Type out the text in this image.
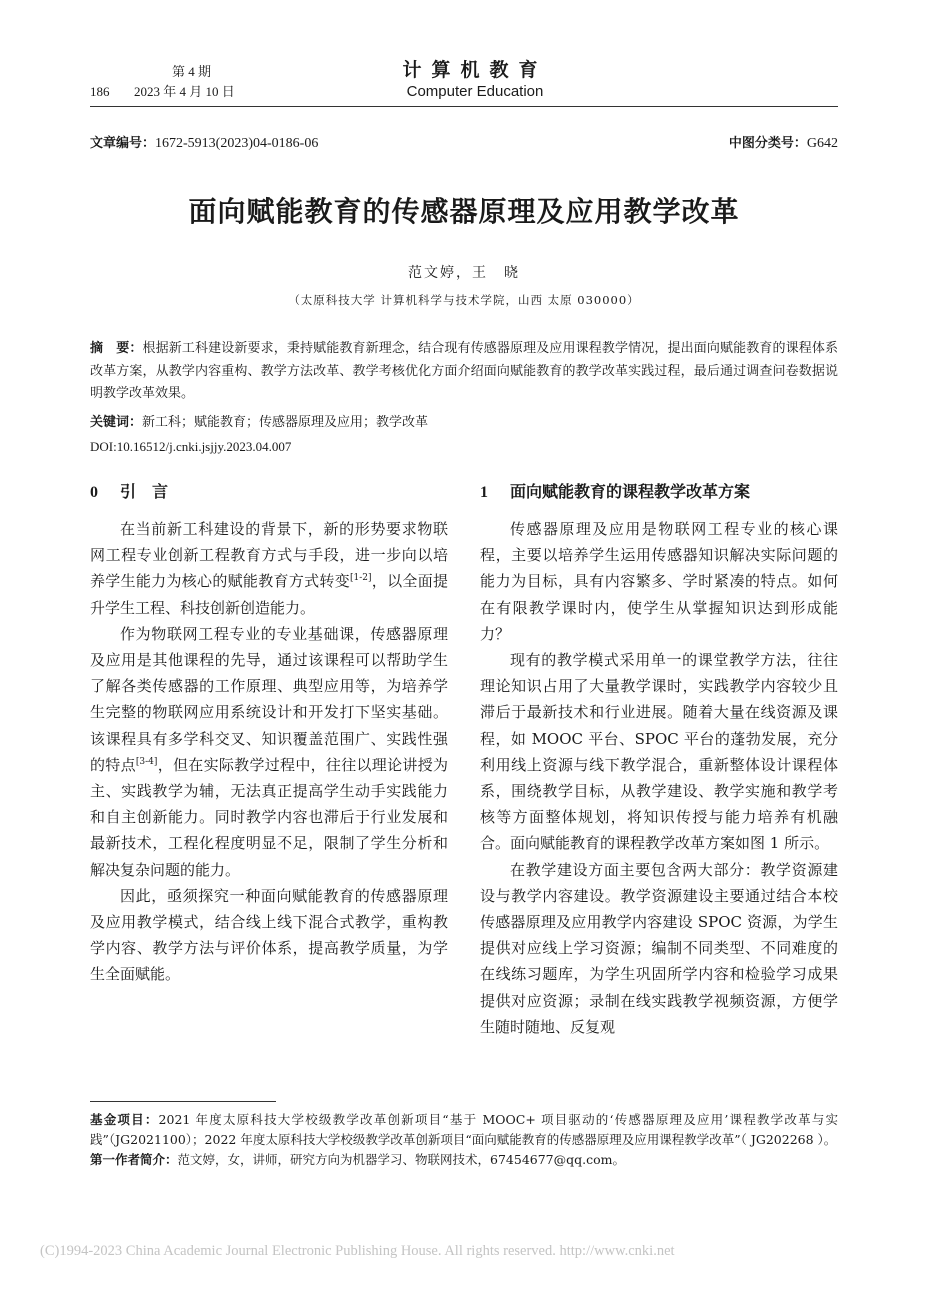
第 4 期
186 2023 年 4 月 10 日
计算机教育
Computer Education
文章编号：1672-5913(2023)04-0186-06	中图分类号：G642
面向赋能教育的传感器原理及应用教学改革
范文婷，王　晓
（太原科技大学 计算机科学与技术学院，山西 太原 030000）
摘　要：根据新工科建设新要求，秉持赋能教育新理念，结合现有传感器原理及应用课程教学情况，提出面向赋能教育的课程体系改革方案，从教学内容重构、教学方法改革、教学考核优化方面介绍面向赋能教育的教学改革实践过程，最后通过调查问卷数据说明教学改革效果。
关键词：新工科；赋能教育；传感器原理及应用；教学改革
DOI:10.16512/j.cnki.jsjjy.2023.04.007
0 引　言	1 面向赋能教育的课程教学改革方案

在当前新工科建设的背景下，新的形势要求物联网工程专业创新工程教育方式与手段，进一步向以培养学生能力为核心的赋能教育方式转变[1-2]，以全面提升学生工程、科技创新创造能力。

作为物联网工程专业的专业基础课，传感器原理及应用是其他课程的先导，通过该课程可以帮助学生了解各类传感器的工作原理、典型应用等，为培养学生完整的物联网应用系统设计和开发打下坚实基础。该课程具有多学科交叉、知识覆盖范围广、实践性强的特点[3-4]，但在实际教学过程中，往往以理论讲授为主、实践教学为辅，无法真正提高学生动手实践能力和自主创新能力。同时教学内容也滞后于行业发展和最新技术，工程化程度明显不足，限制了学生分析和解决复杂问题的能力。

因此，亟须探究一种面向赋能教育的传感器原理及应用教学模式，结合线上线下混合式教学，重构教学内容、教学方法与评价体系，提高教学质量，为学生全面赋能。

传感器原理及应用是物联网工程专业的核心课程，主要以培养学生运用传感器知识解决实际问题的能力为目标，具有内容繁多、学时紧凑的特点。如何在有限教学课时内，使学生从掌握知识达到形成能力？

现有的教学模式采用单一的课堂教学方法，往往理论知识占用了大量教学课时，实践教学内容较少且滞后于最新技术和行业进展。随着大量在线资源及课程，如 MOOC 平台、SPOC 平台的蓬勃发展，充分利用线上资源与线下教学混合，重新整体设计课程体系，围绕教学目标，从教学建设、教学实施和教学考核等方面整体规划，将知识传授与能力培养有机融合。面向赋能教育的课程教学改革方案如图 1 所示。

在教学建设方面主要包含两大部分：教学资源建设与教学内容建设。教学资源建设主要通过结合本校传感器原理及应用教学内容建设 SPOC 资源，为学生提供对应线上学习资源；编制不同类型、不同难度的在线练习题库，为学生巩固所学内容和检验学习成果提供对应资源；录制在线实践教学视频资源，方便学生随时随地、反复观

基金项目：2021 年度太原科技大学校级教学改革创新项目“基于 MOOC+ 项目驱动的‘传感器原理及应用’课程教学改革与实践”（JG2021100）；2022 年度太原科技大学校级教学改革创新项目“面向赋能教育的传感器原理及应用课程教学改革”（ JG202268 ）。
第一作者简介：范文婷，女，讲师，研究方向为机器学习、物联网技术，67454677@qq.com。
(C)1994-2023 China Academic Journal Electronic Publishing House. All rights reserved. http://www.cnki.net
